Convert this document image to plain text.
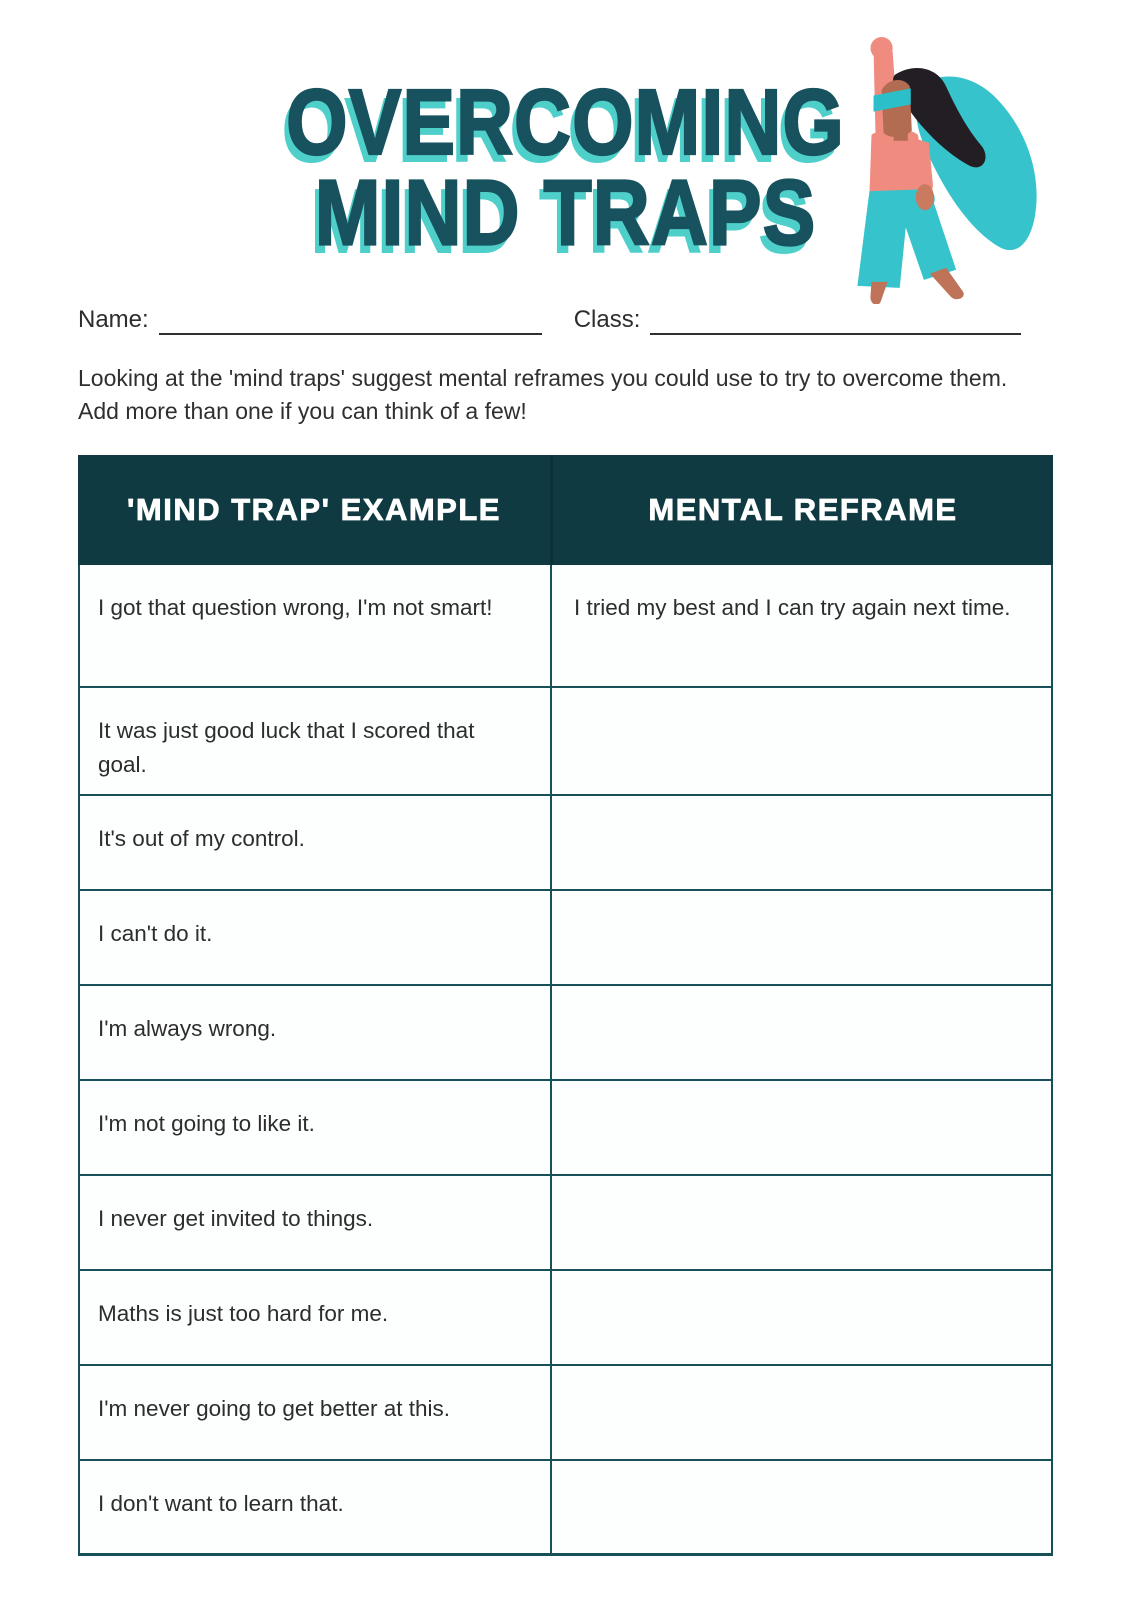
OVERCOMING
MIND TRAPS
Name:	Class:

Looking at the 'mind traps' suggest mental reframes you could use to try to overcome them. Add more than one if you can think of a few!

'MIND TRAP' EXAMPLE	MENTAL REFRAME
I got that question wrong, I'm not smart!	I tried my best and I can try again next time.
It was just good luck that I scored that goal.
It's out of my control.
I can't do it.
I'm always wrong.
I'm not going to like it.
I never get invited to things.
Maths is just too hard for me.
I'm never going to get better at this.
I don't want to learn that.
